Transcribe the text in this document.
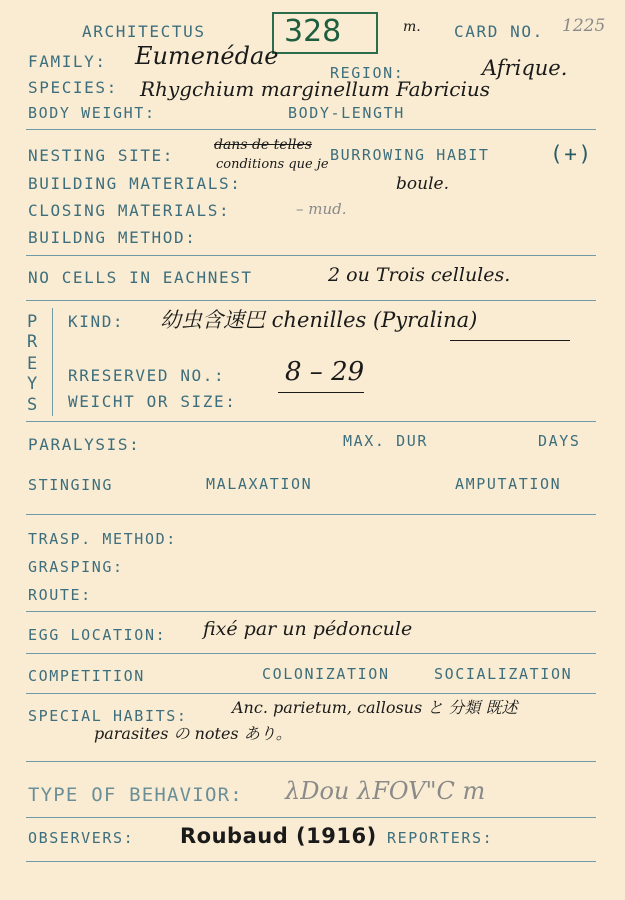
ARCHITECTUS	328	m. CARD NO. 1225
FAMILY: Eumenédae
REGION:	Afrique.
SPECIES: Rhygchium marginellum Fabricius
BODY WEIGHT:	BODY-LENGTH
NESTING SITE:
dans de telles
conditions que je
BURROWING HABIT	(+)
BUILDING MATERIALS:	boule.
CLOSING MATERIALS:	– mud.
BUILDNG METHOD:
NO CELLS IN EACHNEST	2 ou Trois cellules.
P
R
E
Y
S
KIND: 幼虫含速巴 chenilles (Pyralina)
RRESERVED NO.: 8 – 29
WEICHT OR SIZE:
PARALYSIS:	MAX. DUR	DAYS
STINGING	MALAXATION	AMPUTATION
TRASP. METHOD:
GRASPING:
ROUTE:
EGG LOCATION: fixé par un pédoncule
COMPETITION	COLONIZATION	SOCIALIZATION
SPECIAL HABITS:	Anc. parietum, callosus と 分類 既述
parasites の notes あり。
TYPE OF BEHAVIOR: λDou λFOV"C m
OBSERVERS: Roubaud (1916) REPORTERS:
